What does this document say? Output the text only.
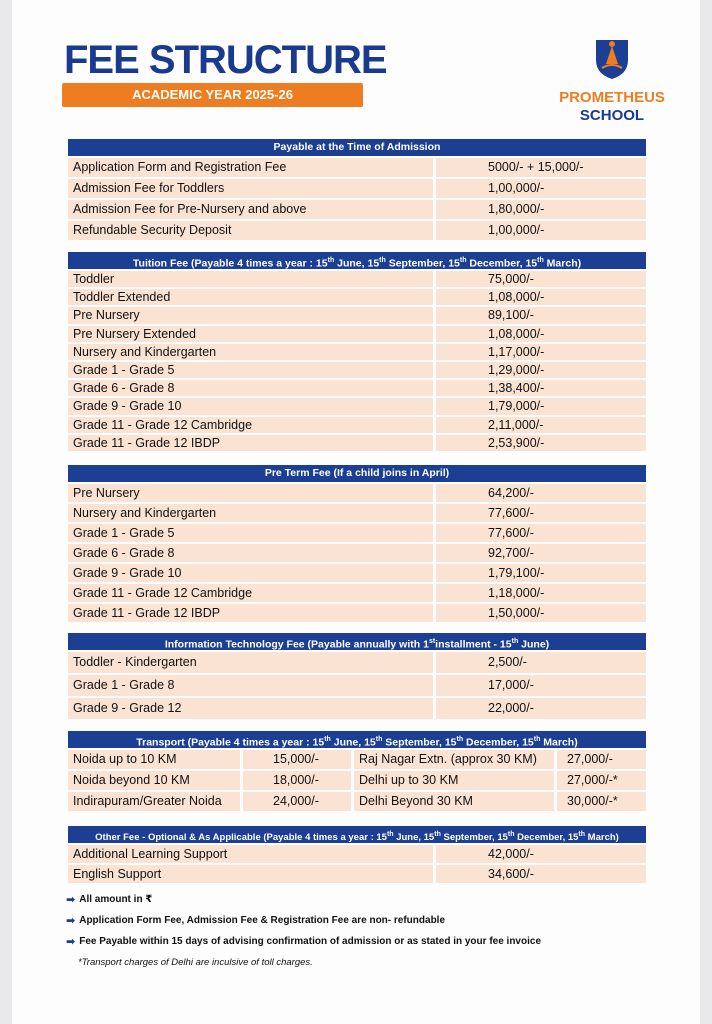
FEE STRUCTURE
ACADEMIC YEAR 2025-26	PROMETHEUS
SCHOOL
Payable at the Time of Admission
Application Form and Registration Fee	5000/- + 15,000/-
Admission Fee for Toddlers	1,00,000/-
Admission Fee for Pre-Nursery and above	1,80,000/-
Refundable Security Deposit	1,00,000/-
Tuition Fee (Payable 4 times a year : 15th June, 15th September, 15th December, 15th March)
Toddler	75,000/-
Toddler Extended	1,08,000/-
Pre Nursery	89,100/-
Pre Nursery Extended	1,08,000/-
Nursery and Kindergarten	1,17,000/-
Grade 1 - Grade 5	1,29,000/-
Grade 6 - Grade 8	1,38,400/-
Grade 9 - Grade 10	1,79,000/-
Grade 11 - Grade 12 Cambridge	2,11,000/-
Grade 11 - Grade 12 IBDP	2,53,900/-
Pre Term Fee (If a child joins in April)
Pre Nursery	64,200/-
Nursery and Kindergarten	77,600/-
Grade 1 - Grade 5	77,600/-
Grade 6 - Grade 8	92,700/-
Grade 9 - Grade 10	1,79,100/-
Grade 11 - Grade 12 Cambridge	1,18,000/-
Grade 11 - Grade 12 IBDP	1,50,000/-
Information Technology Fee (Payable annually with 1stinstallment - 15th June)
Toddler - Kindergarten	2,500/-
Grade 1 - Grade 8	17,000/-
Grade 9 - Grade 12	22,000/-
Transport (Payable 4 times a year : 15th June, 15th September, 15th December, 15th March)
Noida up to 10 KM	15,000/-	Raj Nagar Extn. (approx 30 KM)	27,000/-
Noida beyond 10 KM	18,000/-	Delhi up to 30 KM	27,000/-*
Indirapuram/Greater Noida	24,000/-	Delhi Beyond 30 KM	30,000/-*
Other Fee - Optional & As Applicable (Payable 4 times a year : 15th June, 15th September, 15th December, 15th March)
Additional Learning Support	42,000/-
English Support	34,600/-
➡ All amount in ₹
➡ Application Form Fee, Admission Fee & Registration Fee are non- refundable
➡ Fee Payable within 15 days of advising confirmation of admission or as stated in your fee invoice
*Transport charges of Delhi are inculsive of toll charges.
